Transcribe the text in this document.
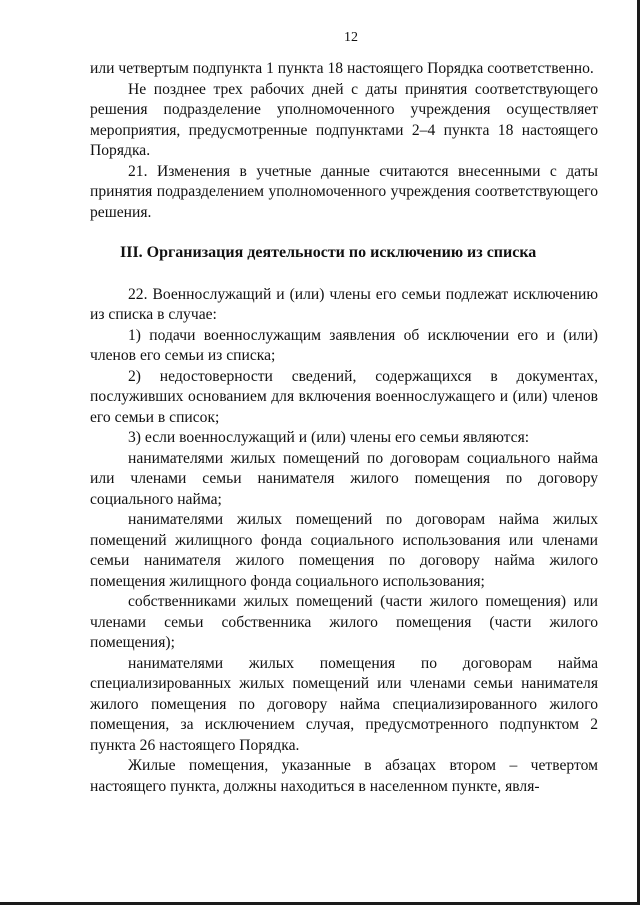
12

или четвертым подпункта 1 пункта 18 настоящего Порядка соответственно.

Не позднее трех рабочих дней с даты принятия соответствующего решения подразделение уполномоченного учреждения осуществляет мероприятия, предусмотренные подпунктами 2–4 пункта 18 настоящего Порядка.

21. Изменения в учетные данные считаются внесенными с даты принятия подразделением уполномоченного учреждения соответствующего решения.

III. Организация деятельности по исключению из списка

22. Военнослужащий и (или) члены его семьи подлежат исключению из списка в случае:

1) подачи военнослужащим заявления об исключении его и (или) членов его семьи из списка;

2) недостоверности сведений, содержащихся в документах, послуживших основанием для включения военнослужащего и (или) членов его семьи в список;

3) если военнослужащий и (или) члены его семьи являются:

нанимателями жилых помещений по договорам социального найма или членами семьи нанимателя жилого помещения по договору социального найма;

нанимателями жилых помещений по договорам найма жилых помещений жилищного фонда социального использования или членами семьи нанимателя жилого помещения по договору найма жилого помещения жилищного фонда социального использования;

собственниками жилых помещений (части жилого помещения) или членами семьи собственника жилого помещения (части жилого помещения);

нанимателями жилых помещения по договорам найма специализированных жилых помещений или членами семьи нанимателя жилого помещения по договору найма специализированного жилого помещения, за исключением случая, предусмотренного подпунктом 2 пункта 26 настоящего Порядка.

Жилые помещения, указанные в абзацах втором – четвертом настоящего пункта, должны находиться в населенном пункте, явля-
